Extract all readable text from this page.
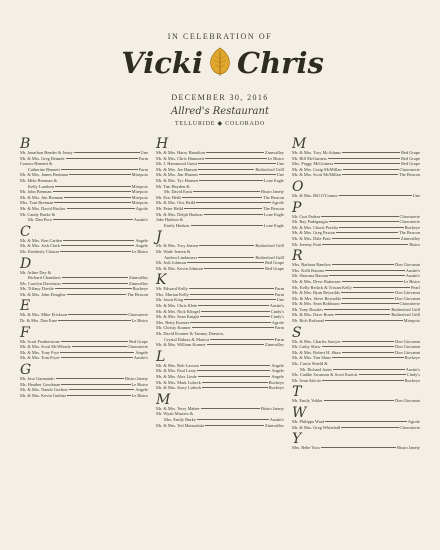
IN CELEBRATION OF
Vicki Chris
DECEMBER 30, 2016
Allred's Restaurant
TELLURIDE ◆ COLORADO
B
Mr. Jonathon Bender & Jenny	Une
Mr. & Mrs. Greg Bennett	Farm
Connor Bennett &
Catherine Bennett	Farm
Mr. & Mrs. James Brennan	Mirepoix
Mr. Mike Brennan &
Kelly Lundeen	Mirepoix
Mr. John Brennan	Mirepoix
Mr. & Mrs. Jim Brennan	Mirepoix
Mrs. Toni Brennan	Mirepoix
Mr. & Mrs. David Bucher	Agrole
Mr. Candy Burke &
Mr. Dan Poro	Austin's
C
Mr. & Mrs. Ken Carden	Angele
Mr. & Mrs. Josh Clark	Angele
Ms. Kimberly Clausse	Le Bistro
D
Mr. Arline Day &
Richard Chambers	Zinnvalley
Ms. Carolyn Davenson	Zinnvalley
Ms. Tiffany Dreide	Buckeye
Mr. & Mrs. John Dougher	The Beacon
E
Mr. & Mrs. Mike Erickson	Charcuterie
Dr. & Mrs. Dan Erne	Le Bistro
F
Mr. Scott Featherstone	Red Grape
Mr. & Mrs. Scott McWhistle	Charcuterie
Mr. & Mrs. Tony Frye	Angele
Mr. & Mrs. Tom Fryer	Austin's
G
Mr. Jose Garmando	Bistro Janety
Ms. Heather Goodman	Le Bistro
Mr. & Mrs. Nando Grafton	Angele
Mr. & Mrs. Kevin Guthrie	Le Bistro
H
Mr. & Mrs. Harry Hamilton	Zinnvalley
Mr. & Mrs. Chris Hammett	Le Bistro
Mr. J. Hammond Guest	Une
Mr. & Mrs. Joe Hansen	Rutherford Grill
Mr. & Mrs. Jim Hansen	Une
Mr. & Mrs. Tyc Hansen	Lone Eagle
Mr. Tim Hayden &
Mr. David Ernst	Bistro Janety
Mr. Eric Heild	The Beacon
Mr. & Mrs. Otis Heild	Agrole
Mr. Peter Heild	The Beacon
Mr. & Mrs. Delph Hudson	Lone Eagle
Jake Hudson &
Emily Hudson	Lone Eagle
J
Mr. & Mrs. Troy Jensen	Rutherford Grill
Mr. Wade Jensen &
Andrea Lindemeer	Rutherford Grill
Mr. Jodi Johnson	Red Grape
Mr. & Mrs. Kevin Johnson	Red Grape
K
Mr. Edward Kelly	Farm
Mrs. Marian Kelly	Farm
Mr. Jason King	Une
Mr. & Mrs. Chris Klein	Austin's
Mr. & Mrs. Nick Klingel	Cindy's
Mr. & Mrs. Sean Knight	Cindy's
Mrs. Betty Kramer	Agrole
Mr. Christy Kramer	Farm
Mr. David Kramer & Tammy Durston,
Crystal Dakota & Monica	Farm
Mr. & Mrs. William Kramer	Zinnvalley
L
Mr. & Mrs. Rob Lawson	Angele
Mr. & Mrs. Paul Leary	Angele
Mr. & Mrs. Alex Linde	Angele
Mr. & Mrs. Mark Lubeck	Buckeye
Mr. & Mrs. Stacy Lubeck	Buckeye
M
Mr. & Mrs. Terry Mabee	Bistro Janety
Mr. Wyatt Masters &
Mrs. Emily Burke	Austin's
Mr. & Mrs. Ted Matsushita	Zinnvalley
M
Mr. & Mrs. Troy McAdams	Red Grape
Mr. Bill McGuiness	Red Grape
Mrs. Peggy McGuiness	Red Grape
Mr. & Mrs. Craig McMillan	Charcuterie
Mr. & Mrs. Scott McMillan	The Beacon
O
Mr. & Mrs. Bill O'Connor	Une
P
Mr. Curt Padera	Charcuterie
Mr. Ray Padegaugia	Charcuterie
Mr. & Mrs. Chuck Peralta	Buckeye
Mr. & Mrs. Greg Paxton	The Beacon
Mr. & Mrs. Dale Pratt	Zinnvalley
Mr. Jeremy Pratt	Bistro
R
Mrs. Barbara Ramlow	Don Giovanni
Mrs. Kelli Rasona	Austin's
Mr. Shavana Rasona	Austin's
Mr. & Mrs. Drew Rattersan	Le Bistro
Ms. Kelly Redick & Tristan Kelly	Pearl
Mr. & Mrs. Ryan Reynolds	Don Giovanni
Ms. & Mrs. Steve Reynolds	Don Giovanni
Mr. & Mrs. Sean Robinson	Charcuterie
Mr. Tony Rosales	Rutherford Grill
Mr. & Mrs. Dave Rosen	Rutherford Grill
Mr. Rich Rufvand	Mirepoix
S
Mr. & Mrs. Charles Sawyer	Don Giovanni
Mr. Cathy Shaw	Don Giovanni
Mr. & Mrs. Robert H. Shaw	Don Giovanni
Mr. & Mrs. Tim Shaw	Buckeye
Ms. Carrie Shield &
Mr. Richard Jones	Austin's
Ms. Caddie Swanson & Scott Kuzick	Cindy's
Mr. Sean Salcito	Buckeye
T
Mr. Emily Vokler	Don Giovanni
W
Mr. Philippa Ward	Agrole
Mr. & Mrs. Greg Whitehall	Charcuterie
Y
Mrs. Bebe Yora	Bistro Janety
